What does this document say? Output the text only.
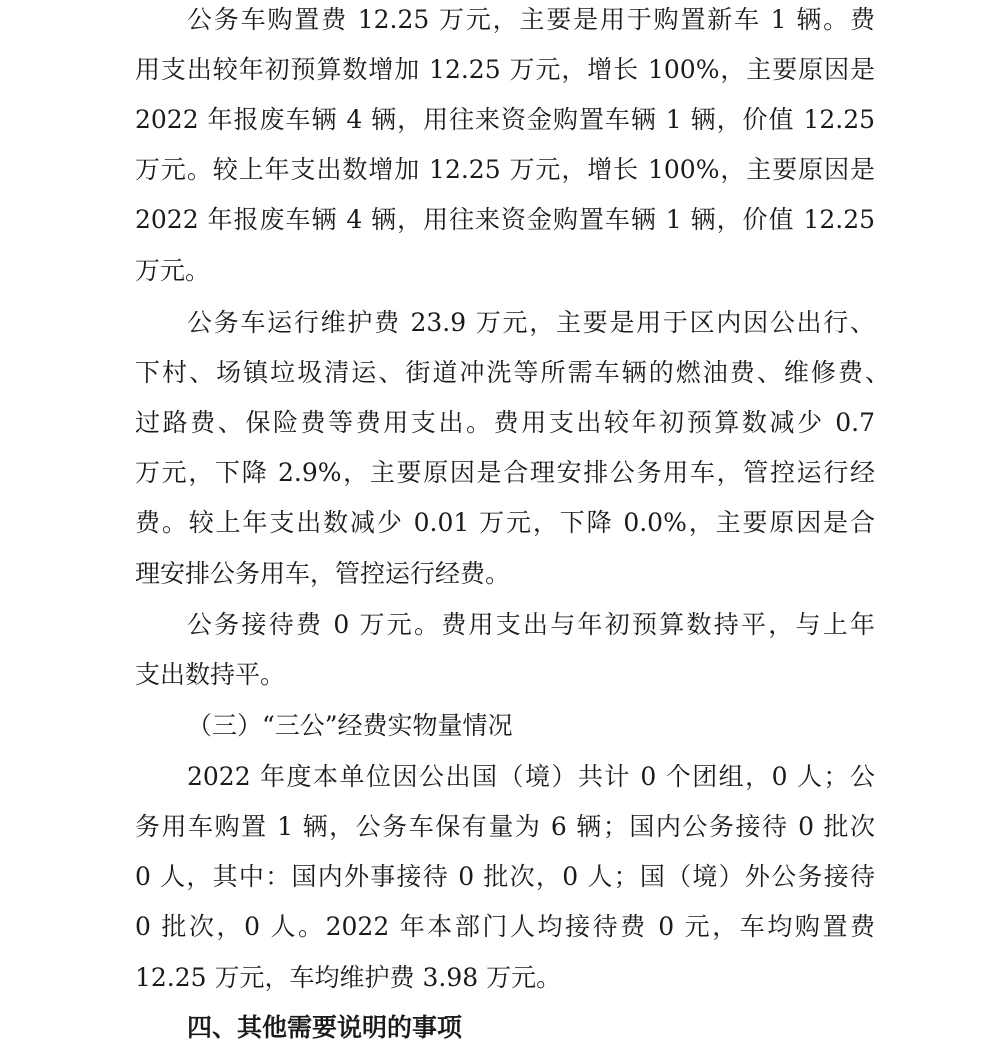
公务车购置费 12.25 万元，主要是用于购置新车 1 辆。费
用支出较年初预算数增加 12.25 万元，增长 100%，主要原因是
2022 年报废车辆 4 辆，用往来资金购置车辆 1 辆，价值 12.25
万元。较上年支出数增加 12.25 万元，增长 100%，主要原因是
2022 年报废车辆 4 辆，用往来资金购置车辆 1 辆，价值 12.25
万元。
公务车运行维护费 23.9 万元，主要是用于区内因公出行、
下村、场镇垃圾清运、街道冲洗等所需车辆的燃油费、维修费、
过路费、保险费等费用支出。费用支出较年初预算数减少 0.7
万元，下降 2.9%，主要原因是合理安排公务用车，管控运行经
费。较上年支出数减少 0.01 万元，下降 0.0%，主要原因是合
理安排公务用车，管控运行经费。
公务接待费 0 万元。费用支出与年初预算数持平，与上年
支出数持平。
（三）“三公”经费实物量情况
2022 年度本单位因公出国（境）共计 0 个团组，0 人；公
务用车购置 1 辆，公务车保有量为 6 辆；国内公务接待 0 批次
0 人，其中：国内外事接待 0 批次，0 人；国（境）外公务接待
0 批次，0 人。2022 年本部门人均接待费 0 元，车均购置费
12.25 万元，车均维护费 3.98 万元。
四、其他需要说明的事项
